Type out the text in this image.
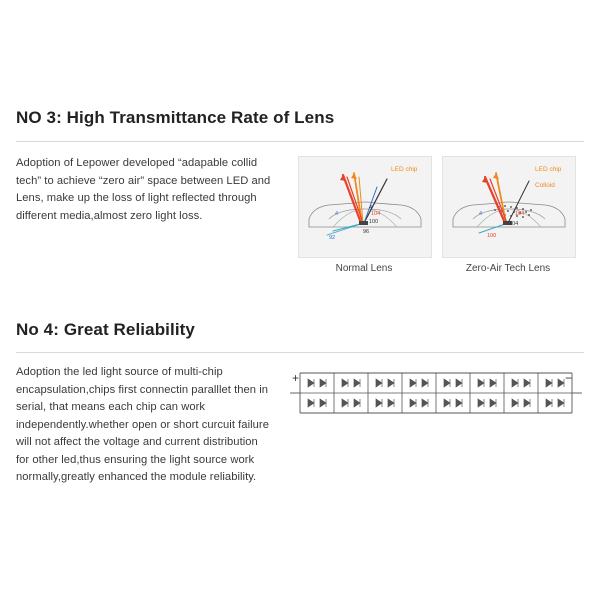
NO 3: High Transmittance Rate of Lens
Adoption of Lepower developed “adapable collid tech” to achieve “zero air” space between LED and Lens, make up the loss of light reflected through different media,almost zero light loss.
LED chip
4
4
104
100
96
92
Normal Lens
LED chip
Colloid
4	104
104
100
Zero-Air Tech Lens
No 4: Great Reliability
Adoption the led light source of multi-chip encapsulation,chips first connectin paralllet then in serial, that means each chip can work independently.whether open or short curcuit failure will not affect the voltage and current distribution for other led,thus ensuring the light source work normally,greatly enhanced the module reliability.
+	−
